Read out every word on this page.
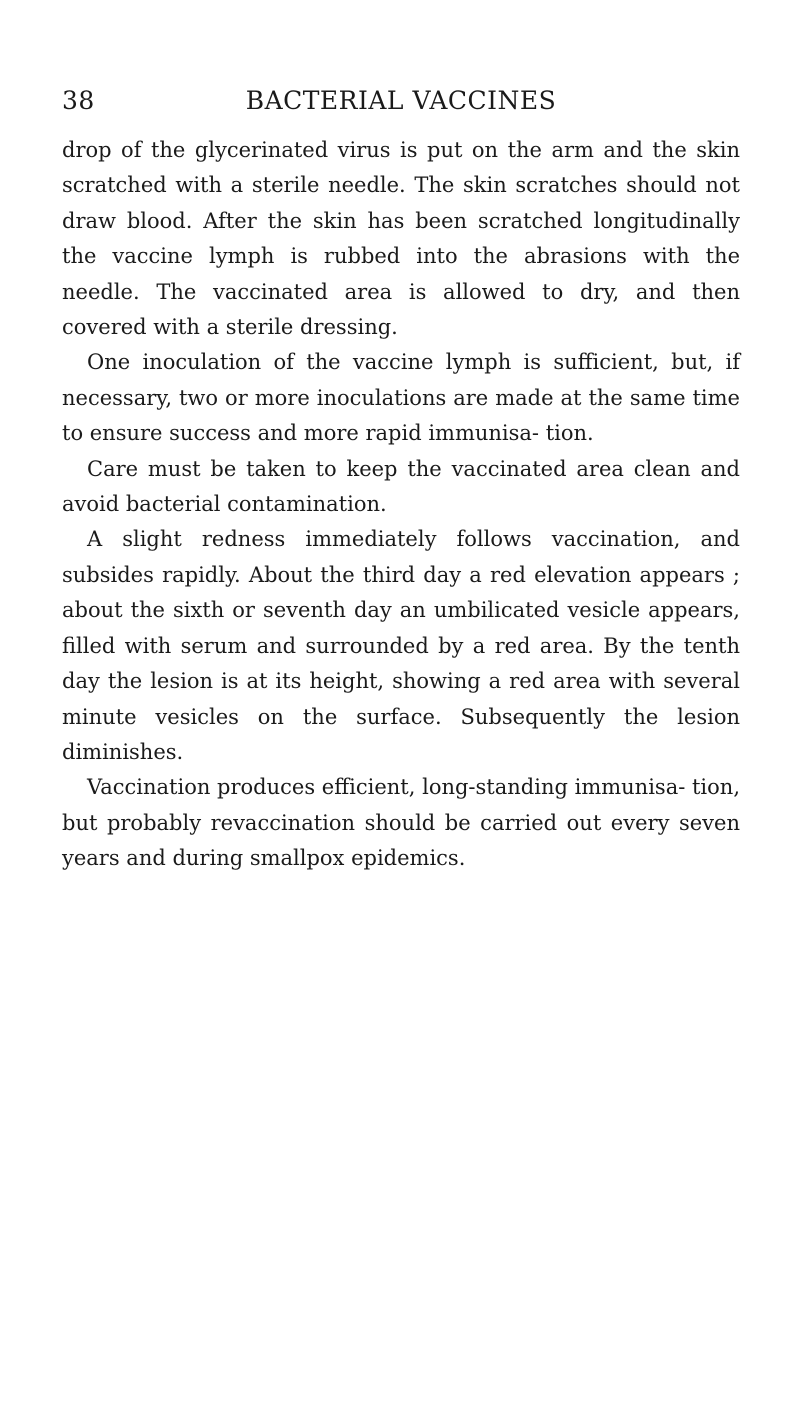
38	BACTERIAL VACCINES

drop of the glycerinated virus is put on the arm and the skin scratched with a sterile needle. The skin scratches should not draw blood. After the skin has been scratched longitudinally the vaccine lymph is rubbed into the abrasions with the needle. The vaccinated area is allowed to dry, and then covered with a sterile dressing.

One inoculation of the vaccine lymph is sufficient, but, if necessary, two or more inoculations are made at the same time to ensure success and more rapid immunisa- tion.

Care must be taken to keep the vaccinated area clean and avoid bacterial contamination.

A slight redness immediately follows vaccination, and subsides rapidly. About the third day a red elevation appears ; about the sixth or seventh day an umbilicated vesicle appears, filled with serum and surrounded by a red area. By the tenth day the lesion is at its height, showing a red area with several minute vesicles on the surface. Subsequently the lesion diminishes.

Vaccination produces efficient, long-standing immunisa- tion, but probably revaccination should be carried out every seven years and during smallpox epidemics.
